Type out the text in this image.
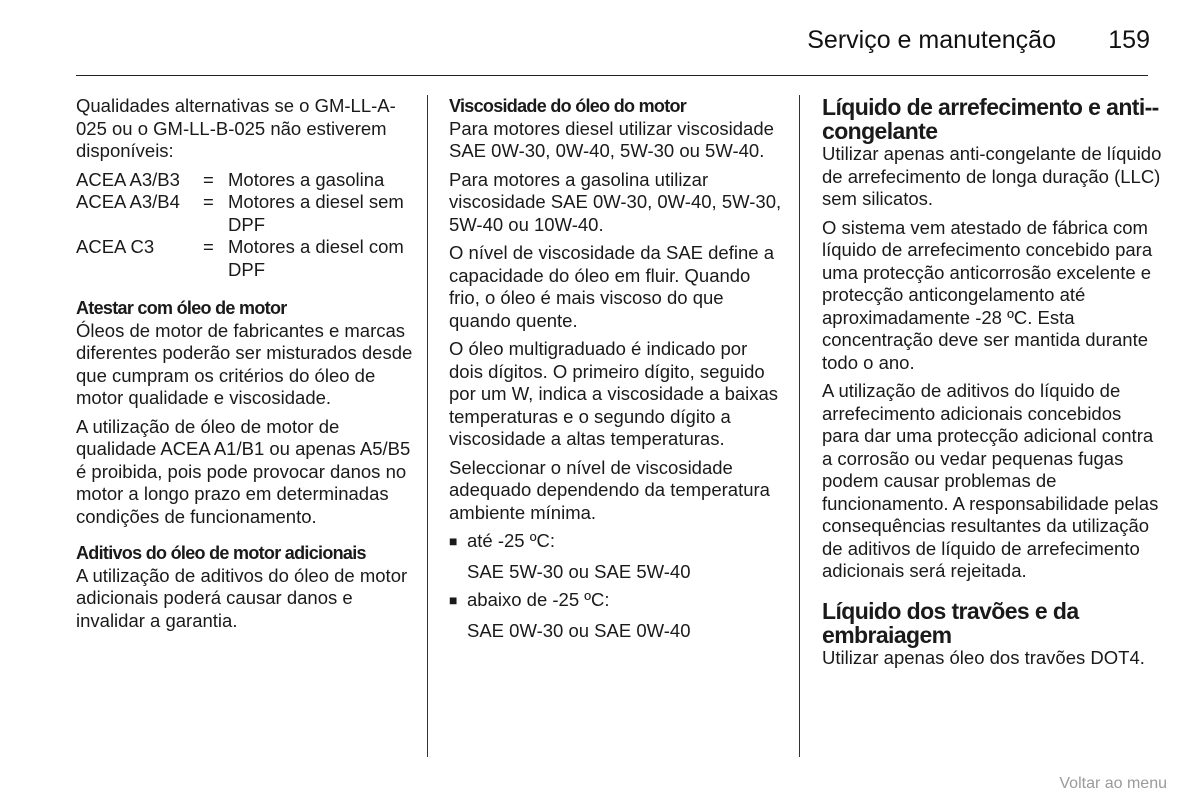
Serviço e manutenção 159

Qualidades alternativas se o GM-LL-A-025 ou o GM-LL-B-025 não estiverem disponíveis:

ACEA A3/B3	= Motores a gasolina
ACEA A3/B4	= Motores a diesel sem DPF
ACEA C3	= Motores a diesel com DPF

Atestar com óleo de motor

Óleos de motor de fabricantes e marcas diferentes poderão ser misturados desde que cumpram os critérios do óleo de motor qualidade e viscosidade.

A utilização de óleo de motor de qualidade ACEA A1/B1 ou apenas A5/B5 é proibida, pois pode provocar danos no motor a longo prazo em determinadas condições de funcionamento.

Aditivos do óleo de motor adicionais

A utilização de aditivos do óleo de motor adicionais poderá causar danos e invalidar a garantia.

Viscosidade do óleo do motor

Para motores diesel utilizar viscosidade SAE 0W-30, 0W-40, 5W-30 ou 5W-40.

Para motores a gasolina utilizar viscosidade SAE 0W-30, 0W-40, 5W-30, 5W-40 ou 10W-40.

O nível de viscosidade da SAE define a capacidade do óleo em fluir. Quando frio, o óleo é mais viscoso do que quando quente.

O óleo multigraduado é indicado por dois dígitos. O primeiro dígito, seguido por um W, indica a viscosidade a baixas temperaturas e o segundo dígito a viscosidade a altas temperaturas.

Seleccionar o nível de viscosidade adequado dependendo da temperatura ambiente mínima.

■ até -25 ºC:
SAE 5W-30 ou SAE 5W-40
■ abaixo de -25 ºC:
SAE 0W-30 ou SAE 0W-40
Líquido de arrefecimento e anti--congelante

Utilizar apenas anti-congelante de líquido de arrefecimento de longa duração (LLC) sem silicatos.

O sistema vem atestado de fábrica com líquido de arrefecimento concebido para uma protecção anticorrosão excelente e protecção anticongelamento até aproximadamente -28 ºC. Esta concentração deve ser mantida durante todo o ano.

A utilização de aditivos do líquido de arrefecimento adicionais concebidos para dar uma protecção adicional contra a corrosão ou vedar pequenas fugas podem causar problemas de funcionamento. A responsabilidade pelas consequências resultantes da utilização de aditivos de líquido de arrefecimento adicionais será rejeitada.

Líquido dos travões e da embraiagem

Utilizar apenas óleo dos travões DOT4.

Voltar ao menu
